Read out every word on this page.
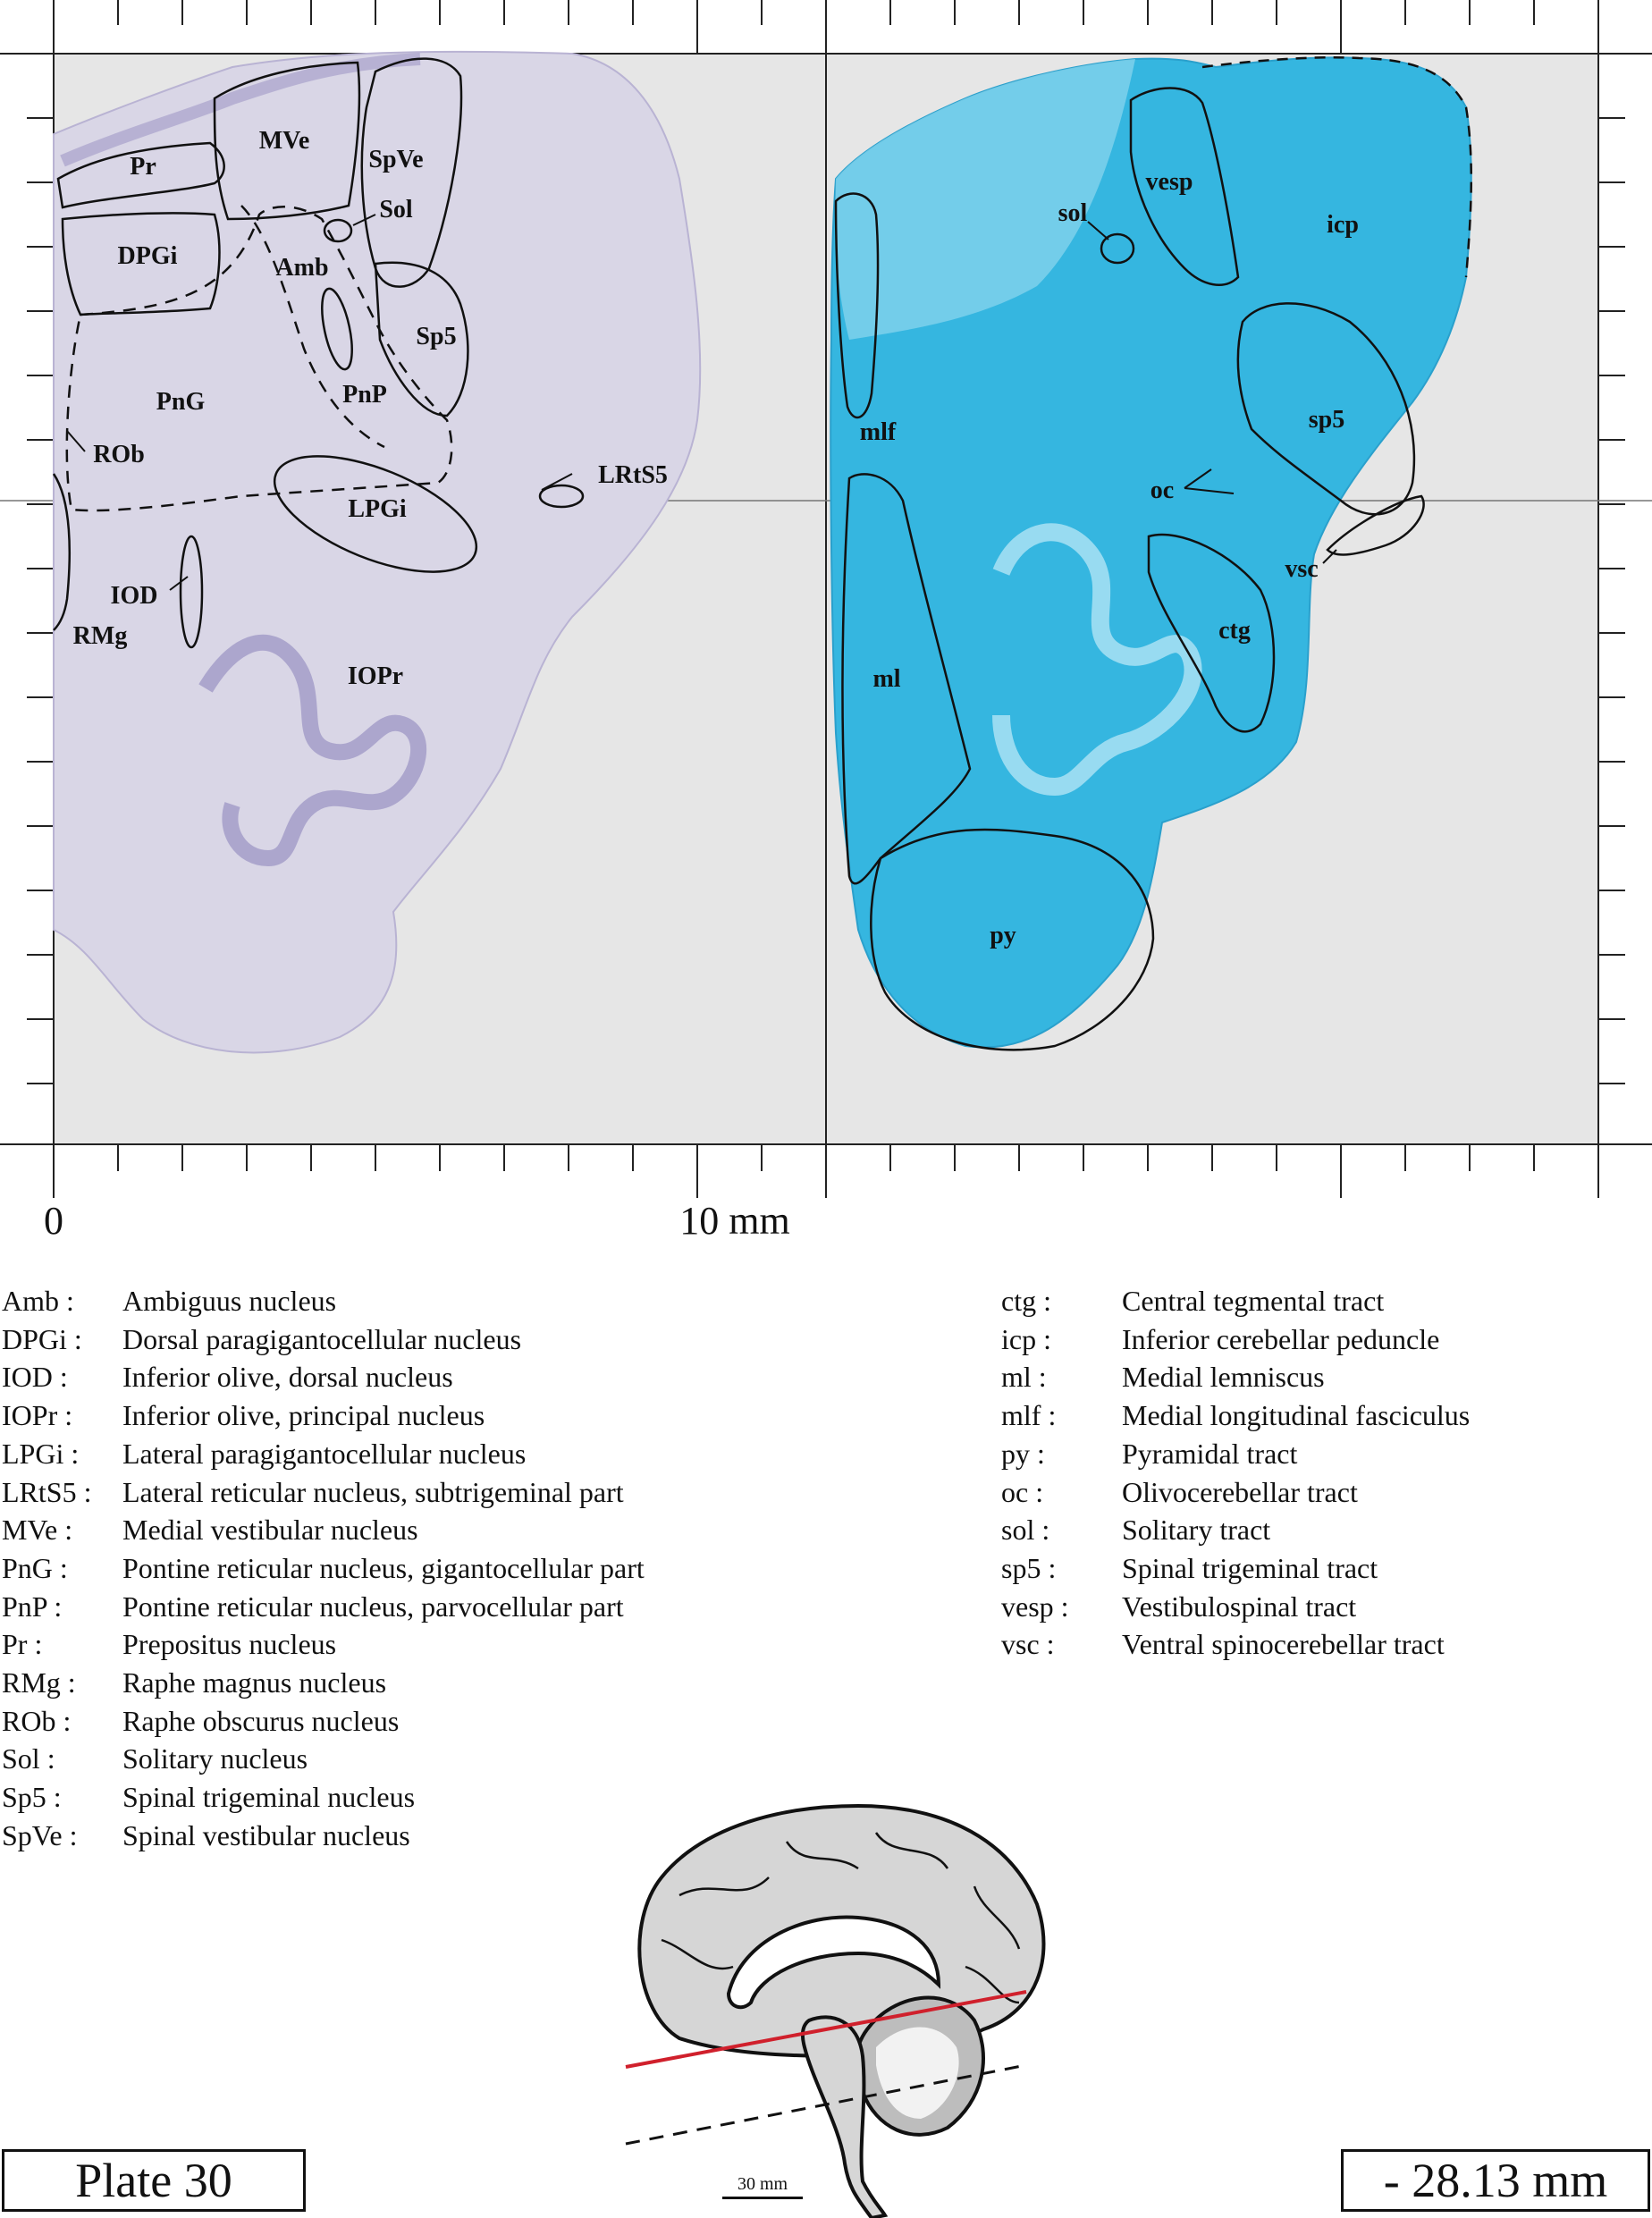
Pr
MVe
SpVe
Sol
DPGi	Amb
Sp5
PnG	PnP
ROb
LRtS5
LPGi
IOD
RMg
IOPr
vesp
icp
sol
mlf	sp5
oc
vsc
ctg
ml
py
0	10 mm
Amb :	Ambiguus nucleus
DPGi :	Dorsal paragigantocellular nucleus
IOD :	Inferior olive, dorsal nucleus
IOPr :	Inferior olive, principal nucleus
LPGi :	Lateral paragigantocellular nucleus
LRtS5 :	Lateral reticular nucleus, subtrigeminal part
MVe :	Medial vestibular nucleus
PnG :	Pontine reticular nucleus, gigantocellular part
PnP :	Pontine reticular nucleus, parvocellular part
Pr :	Prepositus nucleus
RMg :	Raphe magnus nucleus
ROb :	Raphe obscurus nucleus
Sol :	Solitary nucleus
Sp5 :	Spinal trigeminal nucleus
SpVe :	Spinal vestibular nucleus
ctg :	Central tegmental tract
icp :	Inferior cerebellar peduncle
ml :	Medial lemniscus
mlf :	Medial longitudinal fasciculus
py :	Pyramidal tract
oc :	Olivocerebellar tract
sol :	Solitary tract
sp5 :	Spinal trigeminal tract
vesp :	Vestibulospinal tract
vsc :	Ventral spinocerebellar tract
30 mm
Plate 30	- 28.13 mm
